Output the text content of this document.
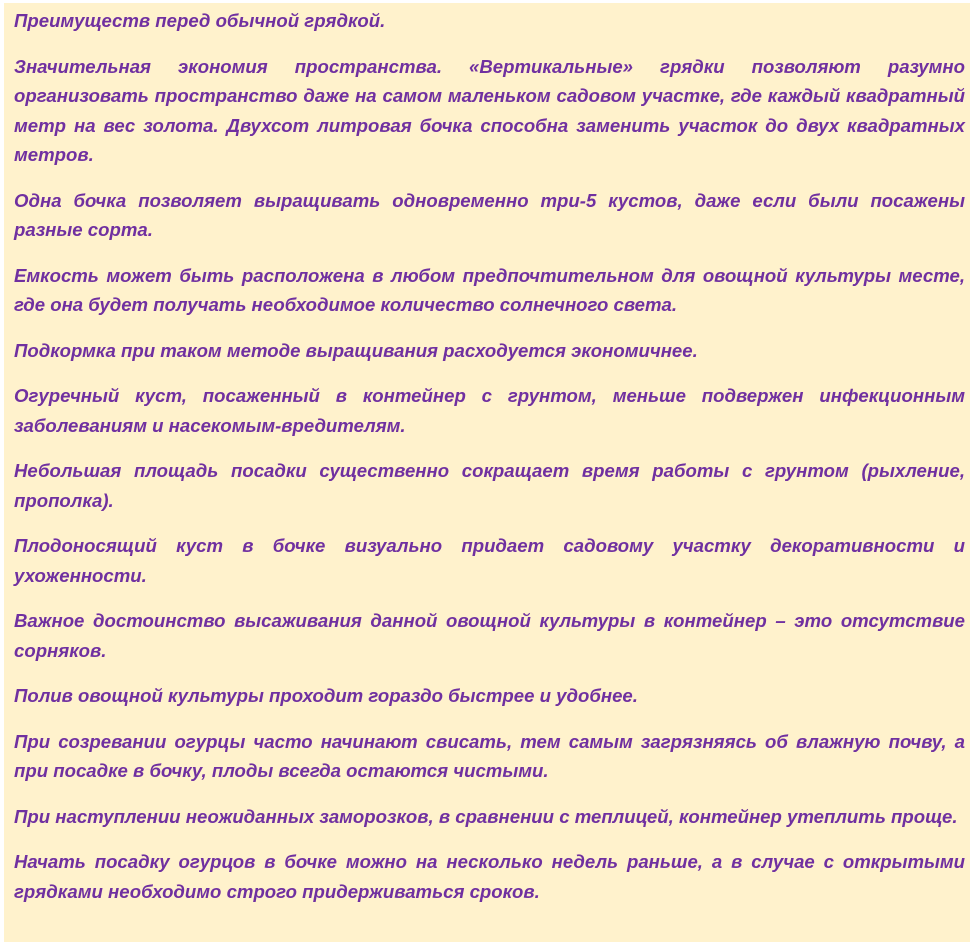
Преимуществ перед обычной грядкой.

Значительная экономия пространства. «Вертикальные» грядки позволяют разумно организовать пространство даже на самом маленьком садовом участке, где каждый квадратный метр на вес золота. Двухсот литровая бочка способна заменить участок до двух квадратных метров.

Одна бочка позволяет выращивать одновременно три-5 кустов, даже если были посажены разные сорта.

Емкость может быть расположена в любом предпочтительном для овощной культуры месте, где она будет получать необходимое количество солнечного света.

Подкормка при таком методе выращивания расходуется экономичнее.

Огуречный куст, посаженный в контейнер с грунтом, меньше подвержен инфекционным заболеваниям и насекомым-вредителям.

Небольшая площадь посадки существенно сокращает время работы с грунтом (рыхление, прополка).

Плодоносящий куст в бочке визуально придает садовому участку декоративности и ухоженности.

Важное достоинство высаживания данной овощной культуры в контейнер – это отсутствие сорняков.

Полив овощной культуры проходит гораздо быстрее и удобнее.

При созревании огурцы часто начинают свисать, тем самым загрязняясь об влажную почву, а при посадке в бочку, плоды всегда остаются чистыми.

При наступлении неожиданных заморозков, в сравнении с теплицей, контейнер утеплить проще.

Начать посадку огурцов в бочке можно на несколько недель раньше, а в случае с открытыми грядками необходимо строго придерживаться сроков.
